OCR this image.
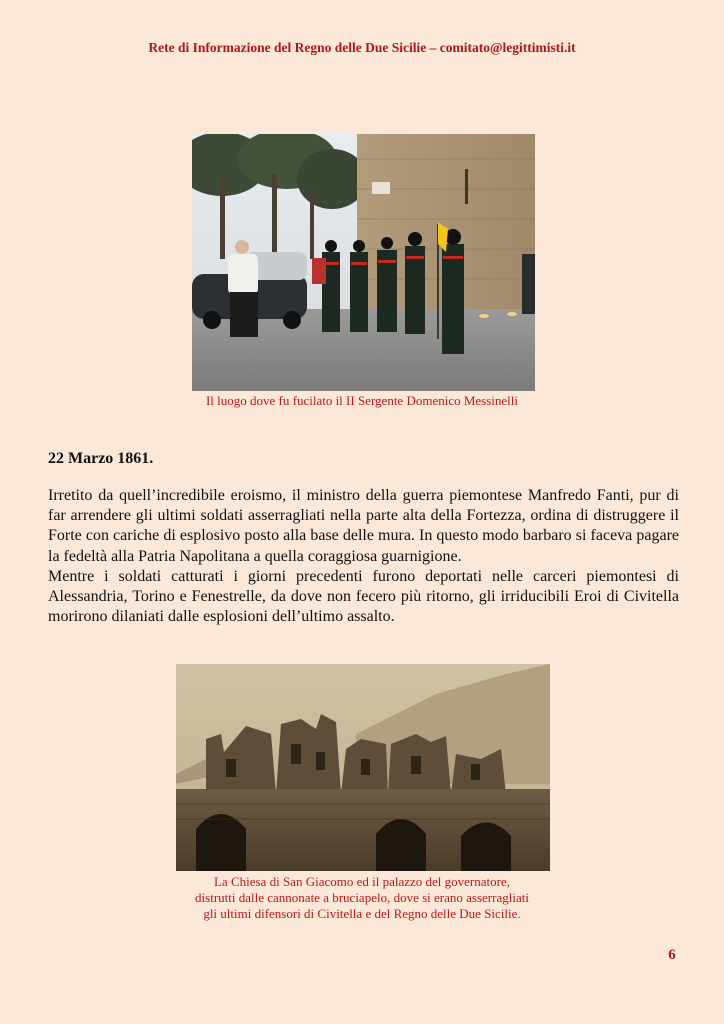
Rete di Informazione del Regno delle Due Sicilie – comitato@legittimisti.it
Il luogo dove fu fucilato il II Sergente Domenico Messinelli
22 Marzo 1861.

Irretito da quell’incredibile eroismo, il ministro della guerra piemontese Manfredo Fanti, pur di far arrendere gli ultimi soldati asserragliati nella parte alta della Fortezza, ordina di distruggere il Forte con cariche di esplosivo posto alla base delle mura. In questo modo barbaro si faceva pagare la fedeltà alla Patria Napolitana a quella coraggiosa guarnigione.

Mentre i soldati catturati i giorni precedenti furono deportati nelle carceri piemontesi di Alessandria, Torino e Fenestrelle, da dove non fecero più ritorno, gli irriducibili Eroi di Civitella morirono dilaniati dalle esplosioni dell’ultimo assalto.

La Chiesa di San Giacomo ed il palazzo del governatore,
distrutti dalle cannonate a bruciapelo, dove si erano asserragliati
gli ultimi difensori di Civitella e del Regno delle Due Sicilie.
6
